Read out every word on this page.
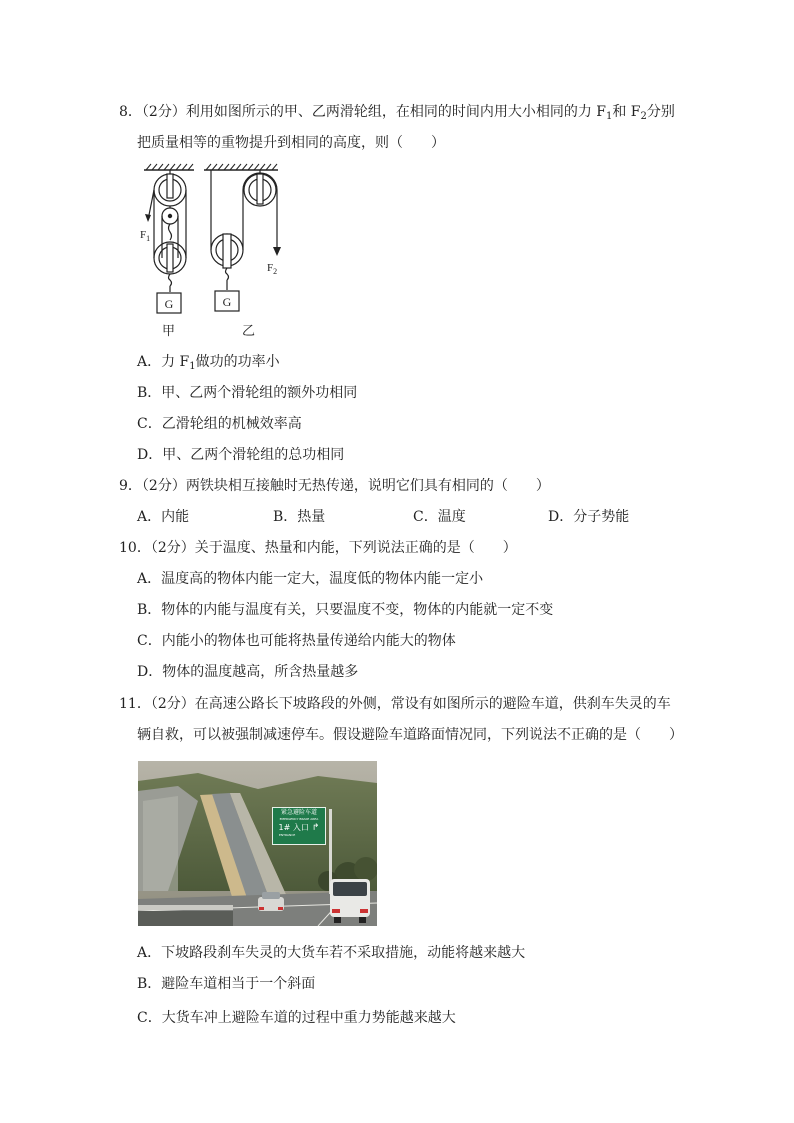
8．（2分）利用如图所示的甲、乙两滑轮组，在相同的时间内用大小相同的力 $F_1$和 $F_2$分别
把质量相等的重物提升到相同的高度，则（　　）
$F_1$
G
甲
$F_2$
G
乙
A．力 $F_1$做功的功率小
B．甲、乙两个滑轮组的额外功相同
C．乙滑轮组的机械效率高
D．甲、乙两个滑轮组的总功相同
9．（2分）两铁块相互接触时无热传递，说明它们具有相同的（　　）
A．内能	B．热量	C．温度	D．分子势能
10．（2分）关于温度、热量和内能，下列说法正确的是（　　）
A．温度高的物体内能一定大，温度低的物体内能一定小
B．物体的内能与温度有关，只要温度不变，物体的内能就一定不变
C．内能小的物体也可能将热量传递给内能大的物体
D．物体的温度越高，所含热量越多
11．（2分）在高速公路长下坡路段的外侧，常设有如图所示的避险车道，供刹车失灵的车
辆自救，可以被强制减速停车。假设避险车道路面情况同，下列说法不正确的是（　　）
紧急避险车道
EMERGENCY BRAKE AREA
1# 入口 ↱
ENTRANCE
A．下坡路段刹车失灵的大货车若不采取措施，动能将越来越大
B．避险车道相当于一个斜面
C．大货车冲上避险车道的过程中重力势能越来越大
